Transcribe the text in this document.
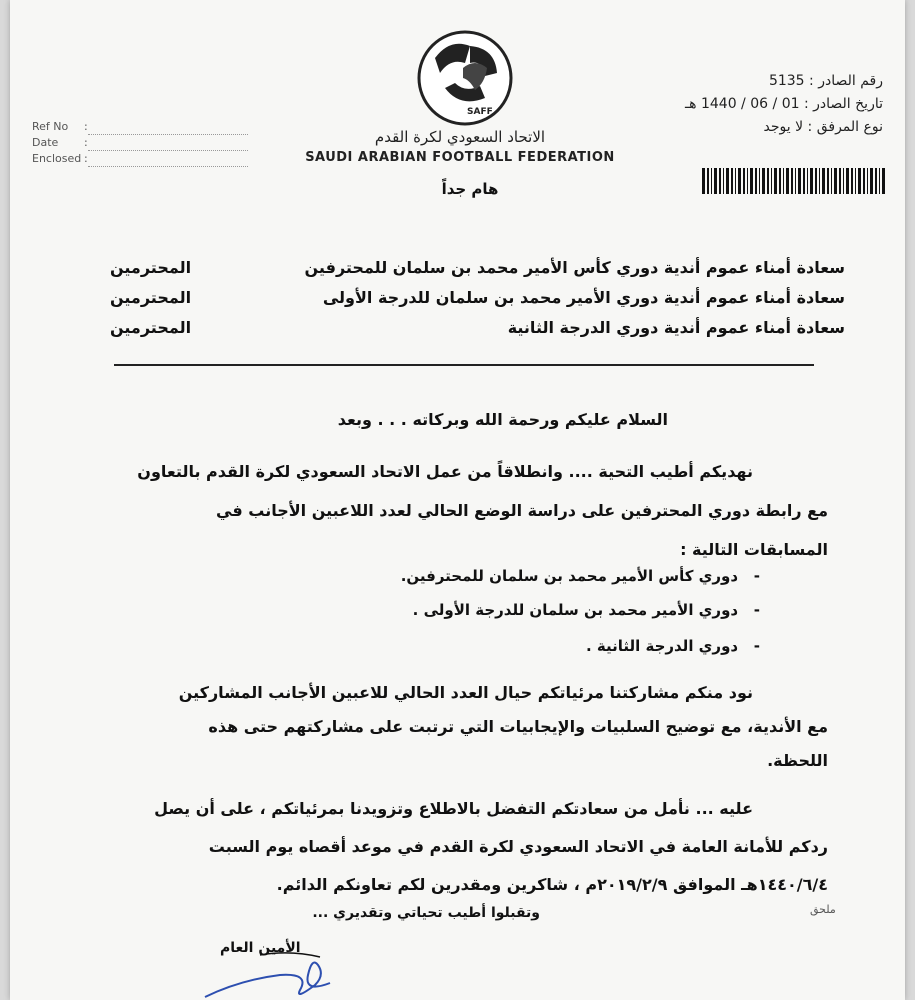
SAFF
الاتحاد السعودي لكرة القدم
SAUDI ARABIAN FOOTBALL FEDERATION
Ref No :
Date :
Enclosed :
رقم الصادر : 5135
تاريخ الصادر : 01 / 06 / 1440 هـ
نوع المرفق : لا يوجد
هام جداً
سعادة أمناء عموم أندية دوري كأس الأمير محمد بن سلمان للمحترفين
المحترمين
سعادة أمناء عموم أندية دوري الأمير محمد بن سلمان للدرجة الأولى
المحترمين
سعادة أمناء عموم أندية دوري الدرجة الثانية
المحترمين

السلام عليكم ورحمة الله وبركاته . . . وبعد

نهديكم أطيب التحية .... وانطلاقاً من عمل الاتحاد السعودي لكرة القدم بالتعاون

مع رابطة دوري المحترفين على دراسة الوضع الحالي لعدد اللاعبين الأجانب في

المسابقات التالية :

-   دوري كأس الأمير محمد بن سلمان للمحترفين.
-   دوري الأمير محمد بن سلمان للدرجة الأولى .
-   دوري الدرجة الثانية .

نود منكم مشاركتنا مرئياتكم حيال العدد الحالي للاعبين الأجانب المشاركين

مع الأندية، مع توضيح السلبيات والإيجابيات التي ترتبت على مشاركتهم حتى هذه

اللحظة.

عليه ... نأمل من سعادتكم التفضل بالاطلاع وتزويدنا بمرئياتكم ، على أن يصل

ردكم للأمانة العامة في الاتحاد السعودي لكرة القدم في موعد أقصاه يوم السبت

١٤٤٠/٦/٤هـ الموافق ٢٠١٩/٢/٩م ، شاكرين ومقدرين لكم تعاونكم الدائم.

وتقبلوا أطيب تحياتي وتقديري ...	ملحق
الأمين العام
